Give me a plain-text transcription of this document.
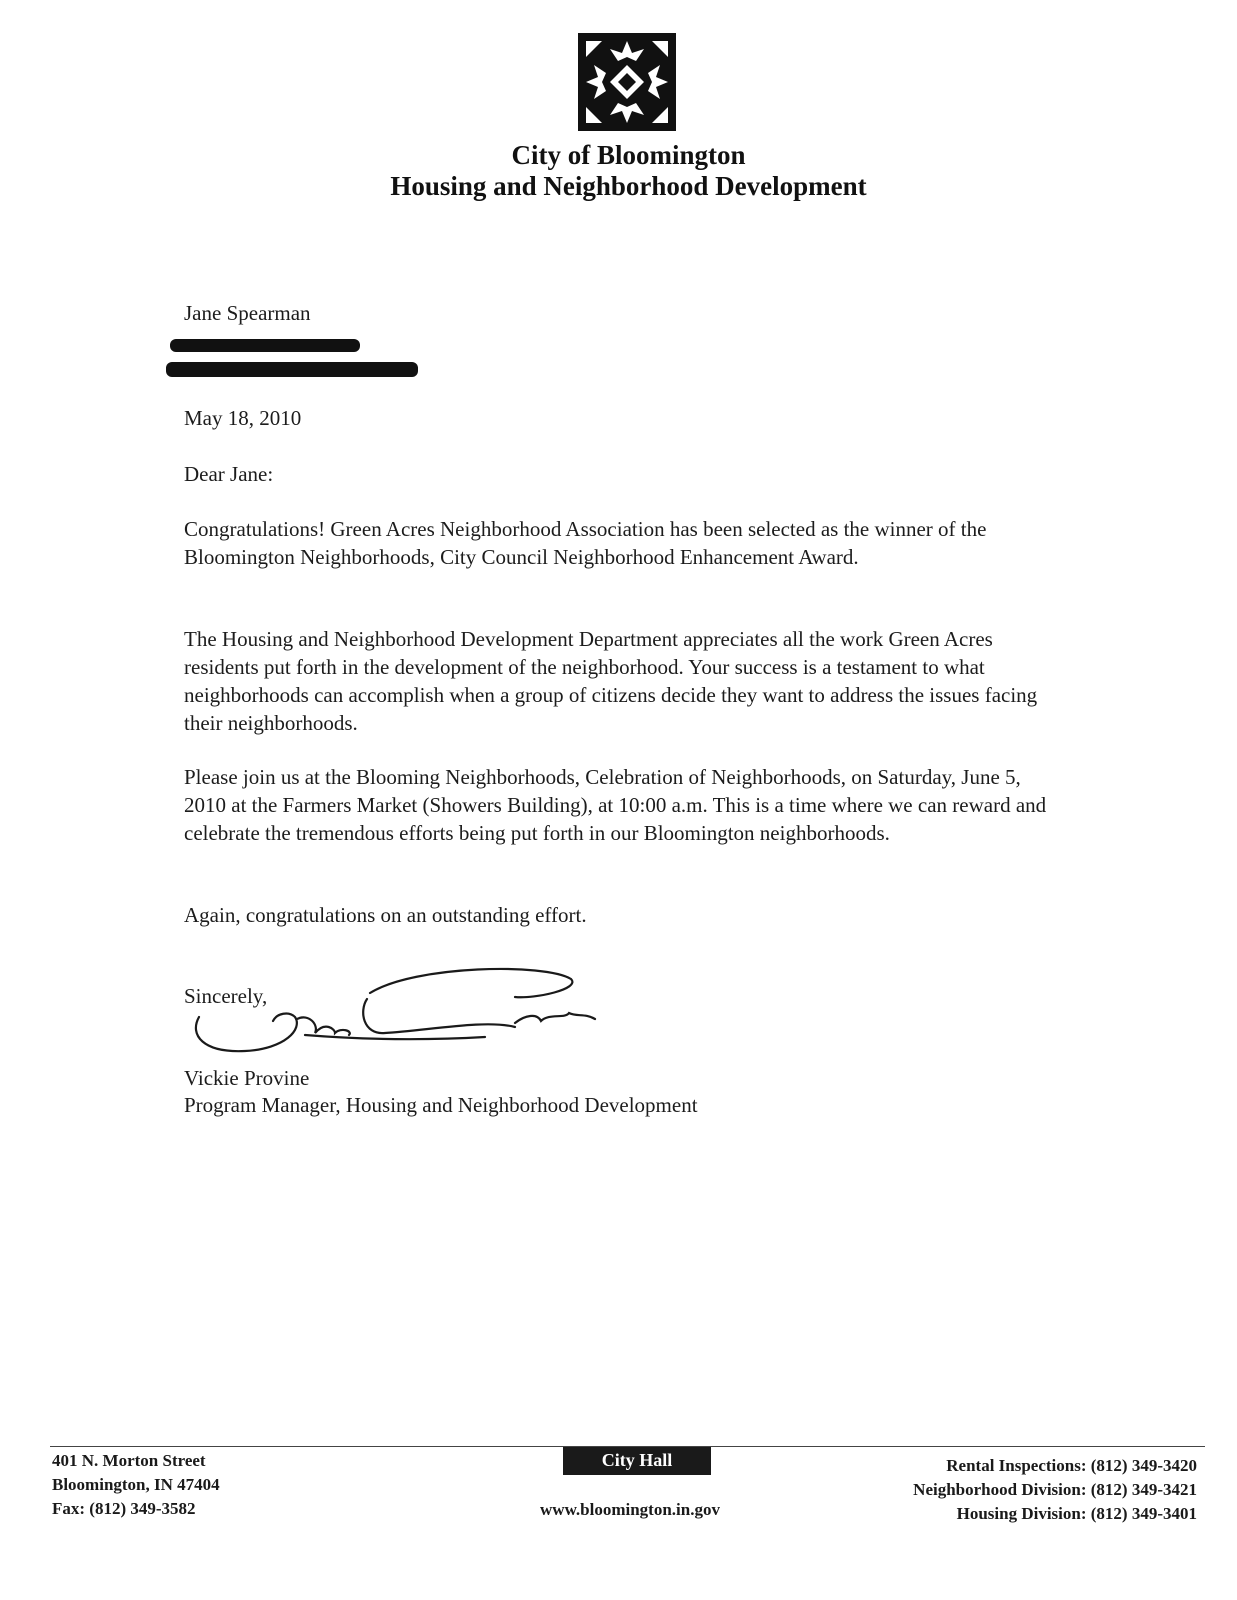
City of Bloomington
Housing and Neighborhood Development
Jane Spearman
May 18, 2010
Dear Jane:
Congratulations! Green Acres Neighborhood Association has been selected as the winner of the Bloomington Neighborhoods, City Council Neighborhood Enhancement Award.
The Housing and Neighborhood Development Department appreciates all the work Green Acres residents put forth in the development of the neighborhood. Your success is a testament to what neighborhoods can accomplish when a group of citizens decide they want to address the issues facing their neighborhoods.
Please join us at the Blooming Neighborhoods, Celebration of Neighborhoods, on Saturday, June 5, 2010 at the Farmers Market (Showers Building), at 10:00 a.m. This is a time where we can reward and celebrate the tremendous efforts being put forth in our Bloomington neighborhoods.
Again, congratulations on an outstanding effort.
Sincerely,
Vickie Provine
Program Manager, Housing and Neighborhood Development
401 N. Morton Street
Bloomington, IN 47404
Fax: (812) 349-3582
City Hall
www.bloomington.in.gov
Rental Inspections: (812) 349-3420
Neighborhood Division: (812) 349-3421
Housing Division: (812) 349-3401
